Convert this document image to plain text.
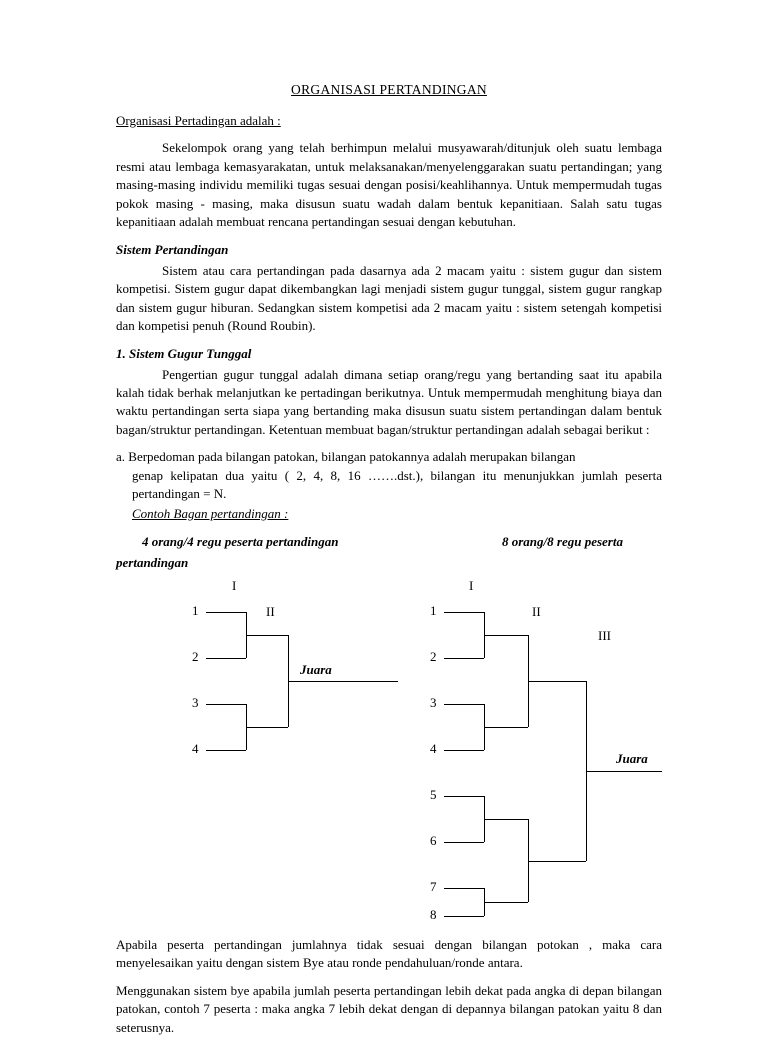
ORGANISASI PERTANDINGAN

Organisasi Pertadingan adalah :

Sekelompok orang yang telah berhimpun melalui musyawarah/ditunjuk oleh suatu lembaga resmi atau lembaga kemasyarakatan, untuk melaksanakan/menyelenggarakan suatu pertandingan; yang masing-masing individu memiliki tugas sesuai dengan posisi/keahlihannya. Untuk mempermudah tugas pokok masing - masing, maka disusun suatu wadah dalam bentuk kepanitiaan. Salah satu tugas kepanitiaan adalah membuat rencana pertandingan sesuai dengan kebutuhan.

Sistem Pertandingan

Sistem atau cara pertandingan pada dasarnya ada 2 macam yaitu : sistem gugur dan sistem kompetisi. Sistem gugur dapat dikembangkan lagi menjadi sistem gugur tunggal, sistem gugur rangkap dan sistem gugur hiburan. Sedangkan sistem kompetisi ada 2 macam yaitu : sistem setengah kompetisi dan kompetisi penuh (Round Roubin).

1. Sistem Gugur Tunggal

Pengertian gugur tunggal adalah dimana setiap orang/regu yang bertanding saat itu apabila kalah tidak berhak melanjutkan ke pertadingan berikutnya. Untuk mempermudah menghitung biaya dan waktu pertandingan serta siapa yang bertanding maka disusun suatu sistem pertandingan dalam bentuk bagan/struktur pertandingan. Ketentuan membuat bagan/struktur pertandingan adalah sebagai berikut :

a. Berpedoman pada bilangan patokan, bilangan patokannya adalah merupakan bilangan
genap kelipatan dua yaitu ( 2, 4, 8, 16 …….dst.), bilangan itu menunjukkan jumlah peserta pertandingan = N.

Contoh Bagan pertandingan :
4 orang/4 regu peserta pertandingan	8 orang/8 regu peserta
pertandingan
I
II
1
2
3
4
Juara
I
II
III
1
2
3
4
5
6
7
8
Juara

Apabila peserta pertandingan jumlahnya tidak sesuai dengan bilangan potokan , maka cara menyelesaikan yaitu dengan sistem Bye atau ronde pendahuluan/ronde antara.

Menggunakan sistem bye apabila jumlah peserta pertandingan lebih dekat pada angka di depan bilangan patokan, contoh 7 peserta : maka angka 7 lebih dekat dengan di depannya bilangan patokan yaitu 8 dan seterusnya.
